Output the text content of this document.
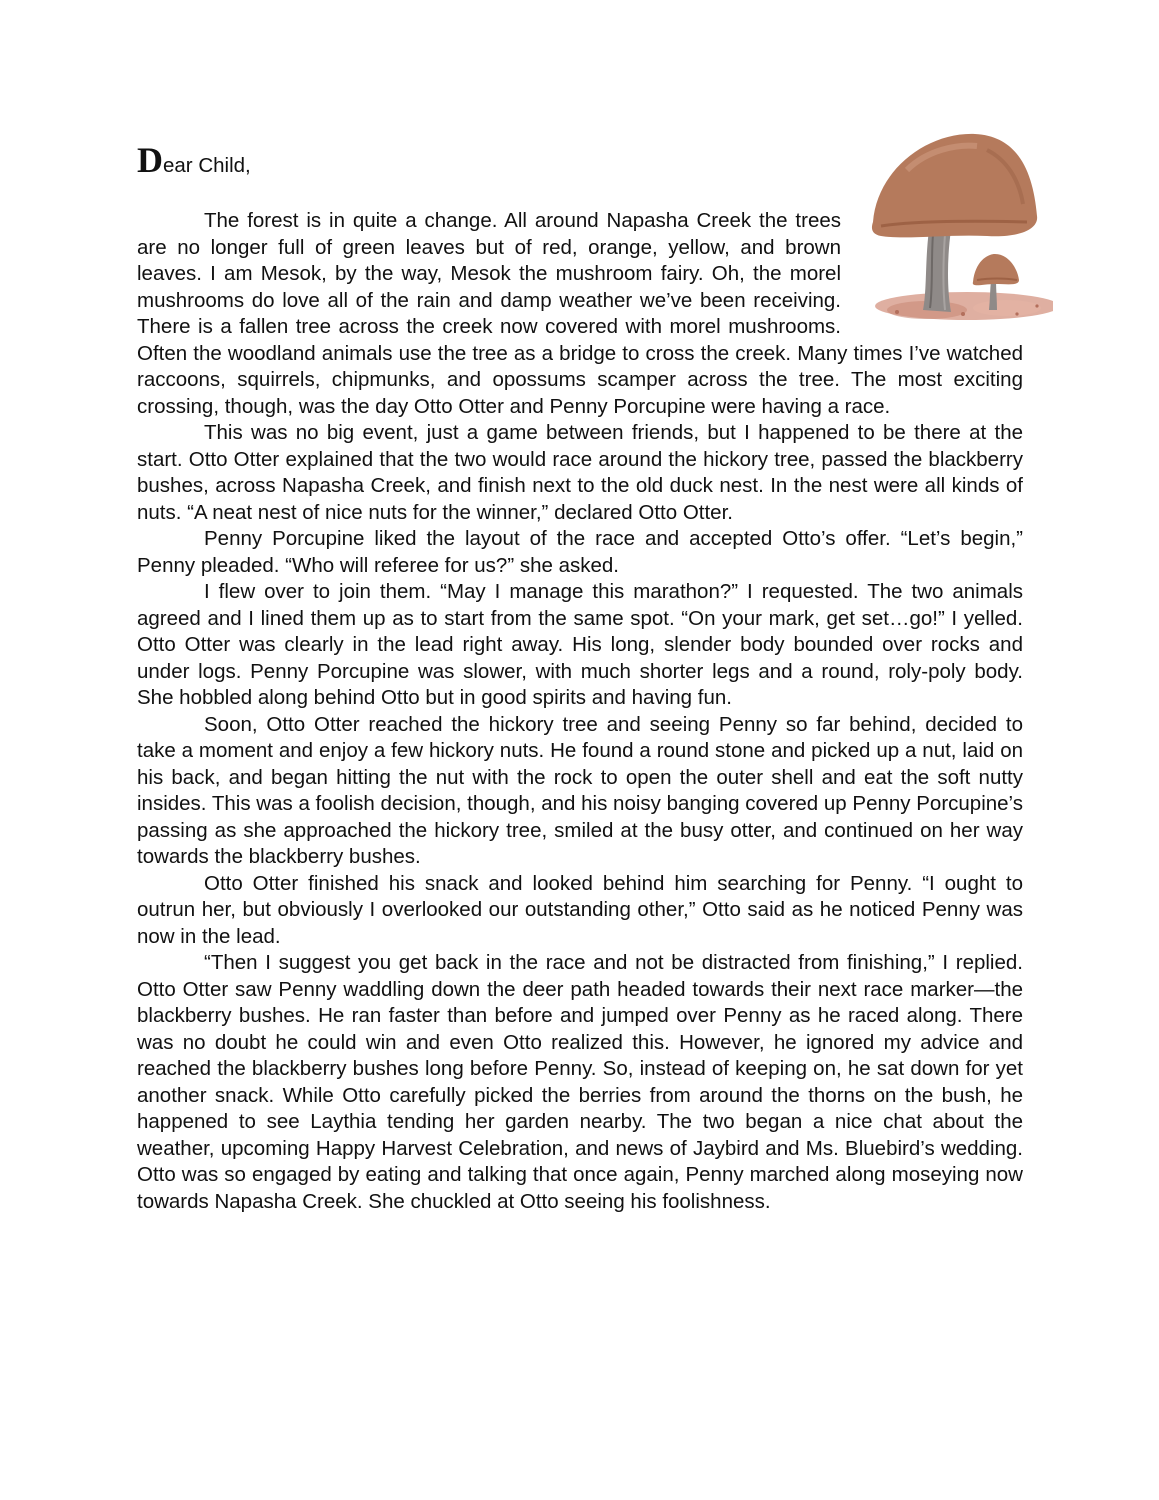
Dear Child,

The forest is in quite a change. All around Napasha Creek the trees are no longer full of green leaves but of red, orange, yellow, and brown leaves. I am Mesok, by the way, Mesok the mushroom fairy. Oh, the morel mushrooms do love all of the rain and damp weather we’ve been receiving. There is a fallen tree across the creek now covered with morel mushrooms. Often the woodland animals use the tree as a bridge to cross the creek. Many times I’ve watched raccoons, squirrels, chipmunks, and opossums scamper across the tree. The most exciting crossing, though, was the day Otto Otter and Penny Porcupine were having a race.

This was no big event, just a game between friends, but I happened to be there at the start. Otto Otter explained that the two would race around the hickory tree, passed the blackberry bushes, across Napasha Creek, and finish next to the old duck nest. In the nest were all kinds of nuts. “A neat nest of nice nuts for the winner,” declared Otto Otter.

Penny Porcupine liked the layout of the race and accepted Otto’s offer. “Let’s begin,” Penny pleaded. “Who will referee for us?” she asked.

I flew over to join them. “May I manage this marathon?” I requested. The two animals agreed and I lined them up as to start from the same spot. “On your mark, get set…go!” I yelled. Otto Otter was clearly in the lead right away. His long, slender body bounded over rocks and under logs. Penny Porcupine was slower, with much shorter legs and a round, roly-poly body. She hobbled along behind Otto but in good spirits and having fun.

Soon, Otto Otter reached the hickory tree and seeing Penny so far behind, decided to take a moment and enjoy a few hickory nuts. He found a round stone and picked up a nut, laid on his back, and began hitting the nut with the rock to open the outer shell and eat the soft nutty insides. This was a foolish decision, though, and his noisy banging covered up Penny Porcupine’s passing as she approached the hickory tree, smiled at the busy otter, and continued on her way towards the blackberry bushes.

Otto Otter finished his snack and looked behind him searching for Penny. “I ought to outrun her, but obviously I overlooked our outstanding other,” Otto said as he noticed Penny was now in the lead.

“Then I suggest you get back in the race and not be distracted from finishing,” I replied. Otto Otter saw Penny waddling down the deer path headed towards their next race marker—the blackberry bushes. He ran faster than before and jumped over Penny as he raced along. There was no doubt he could win and even Otto realized this. However, he ignored my advice and reached the blackberry bushes long before Penny. So, instead of keeping on, he sat down for yet another snack. While Otto carefully picked the berries from around the thorns on the bush, he happened to see Laythia tending her garden nearby. The two began a nice chat about the weather, upcoming Happy Harvest Celebration, and news of Jaybird and Ms. Bluebird’s wedding. Otto was so engaged by eating and talking that once again, Penny marched along moseying now towards Napasha Creek. She chuckled at Otto seeing his foolishness.
